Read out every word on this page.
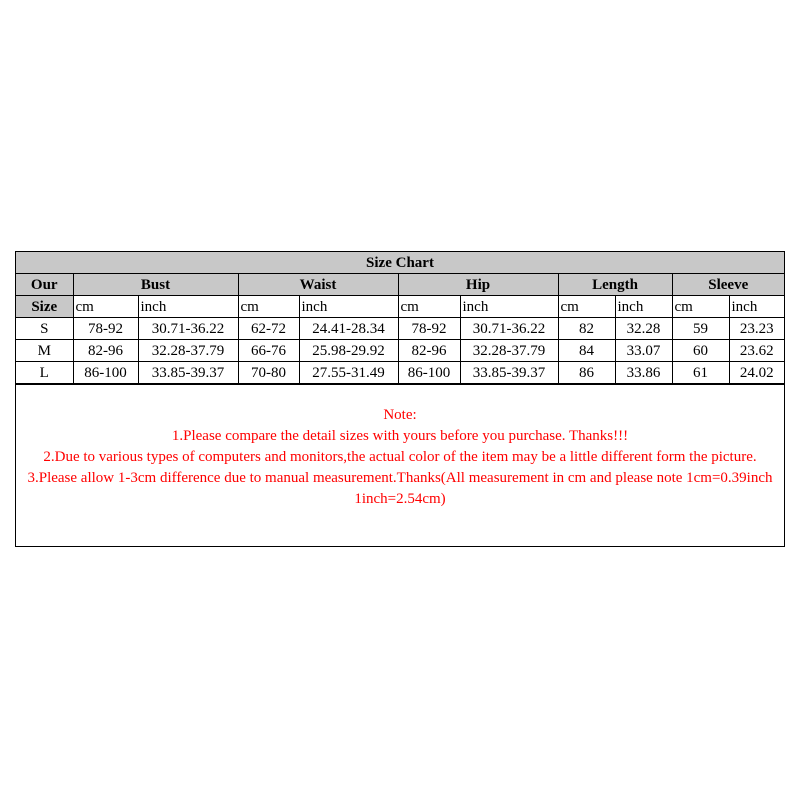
Size Chart										
Our	Bust		Waist		Hip		Length		Sleeve	
Size	cm	inch	cm	inch	cm	inch	cm	inch	cm	inch
S	78-92	30.71-36.22	62-72	24.41-28.34	78-92	30.71-36.22	82	32.28	59	23.23
M	82-96	32.28-37.79	66-76	25.98-29.92	82-96	32.28-37.79	84	33.07	60	23.62
L	86-100	33.85-39.37	70-80	27.55-31.49	86-100	33.85-39.37	86	33.86	61	24.02
Note:
1.Please compare the detail sizes with yours before you purchase. Thanks!!!
2.Due to various types of computers and monitors,the actual color of the item may be a little different form the picture.
3.Please allow 1-3cm difference due to manual measurement.Thanks(All measurement in cm and please note 1cm=0.39inch 1inch=2.54cm)
